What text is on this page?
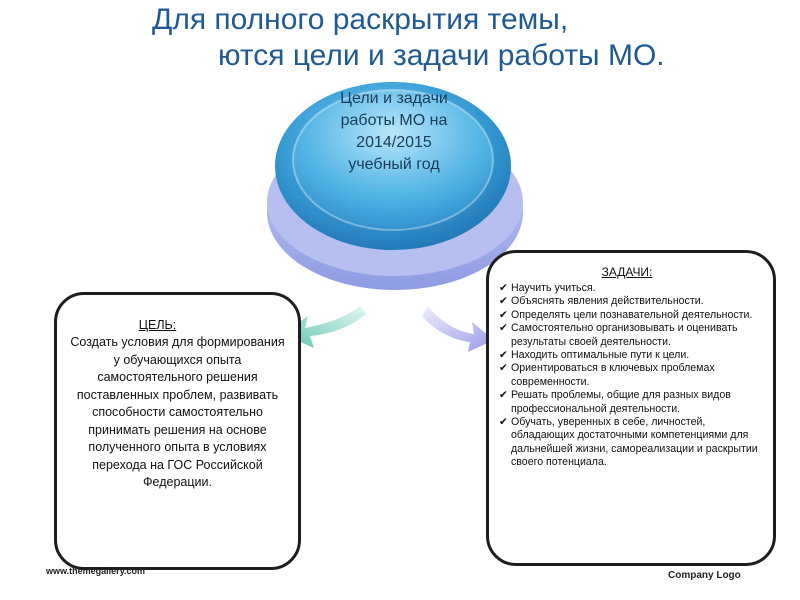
Для полного раскрытия темы,
ются цели и задачи работы МО.
Цели и задачи работы МО на 2014/2015 учебный год
ЦЕЛЬ:
Создать условия для формирования у обучающихся опыта самостоятельного решения поставленных проблем, развивать способности самостоятельно принимать решения на основе полученного опыта в условиях перехода на ГОС Российской Федерации.
ЗАДАЧИ:
✔ Научить учиться.
✔ Объяснять явления действительности.
✔ Определять цели познавательной деятельности.
✔ Самостоятельно организовывать и оценивать результаты своей деятельности.
✔ Находить оптимальные пути к цели.
✔ Ориентироваться в ключевых проблемах современности.
✔ Решать проблемы, общие для разных видов профессиональной деятельности.
✔ Обучать, уверенных в себе, личностей, обладающих достаточными компетенциями для дальнейшей жизни, самореализации и раскрытии своего потенциала.
www.themegallery.com	Company Logo
